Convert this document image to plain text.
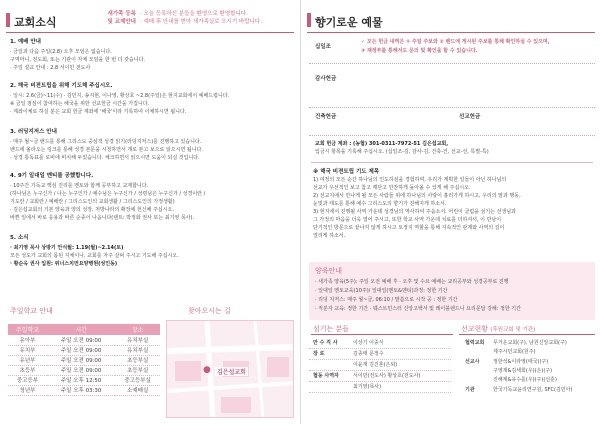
교회소식
새가족 등록
및 교제안내
· 오늘 등록하신 분들을 환영으로 환영합니다.
· 예배 후 안내를 받아 새가족실로 오시기 바랍니다.
1. 예배 안내
· 금일과 다음 주일(2.8) 오후 모임은 없습니다.
구역마니, 전도회, 또는 기관이 자체 모임을 한 번 더 갖습니다.
· 주일 설교 안내 : 2.8 서이민 전도사
2. 해국 비젼트립을 위해 기도해 주십시오.
· 일시: 2.6(금)~11(수) · 김민지, 송지현, 이나영, 황상호 ~2.8(주일)은 현지교회에서 예배드립니다.
※ 금일 점심이 참여하는 해국을 위한 선교헌금 시간을 가집니다.
· 계좌이체로 하실 분은 교회 헌금 계좌에 '해국'이라 기록하여 이체하시면 됩니다.
3. 러딩지저스 안내
· 매주 월~금 밴드를 통해 그리스도 중심적 성경 읽기(러딩지저스)를 진행하고 있습니다.
밴드에 올라오는 링크를 통해 성경 본문을 시청하면서 개로 본고 보으로 읽으시면 됩니다.
· 성경 통독표를 로비에 비치해 두었습니다. 체크하면서 읽으시면 도움이 되실 것입니다.
4. 9기 일대일 멘티를 공했합니다.
· 10주간 기독교 핵심 진리를 멘토와 함께 공부하고 교제합니다.
(하나님은 누구신가 / 나는 누구인가 / 예수님은 누구신가 / 성령님은 누구신가 / 성경이란 /
기도란 / 교회란 / 예배란 / 그리스도인의 교회생활 / 그리스도인의 가정생활)
· 김은섭교회의 기본 양육과 양의 성장, 처방나라의 확장에 헌신해 주십시오.
바쁜 일에서 바로 응용과 바른 순종이 나옵니다(랜트: 박정화 권사 또는 최기영 목사).
5. 소식
· 최기영 목사 상방기 안식월: 1.19(월)~2.14(토)
모든 성도가 교회의 몸된 지체이나, 교회를 자주 살펴 주시고 기도해 주십시오.
· 황순옥 권사 입원: 위너스치먼요양병원(성인동)
주일학교 안내	찾아오시는 길
주일학교	시간	장소
유아부	주일 오전 09:00	유치부실
유치부	주일 오전 09:00	유치부실
유년부	주일 오전 09:00	초등부실
초등부	주일 오전 09:00	초등부실
중고등부	주일 오후 12:50	중고등부실
청년부	주일 오후 03:30	소예배실
●	김은섭교회
향기로운 예물
십일조
✓ 모든 헌금 내역은 ① 주일 주보와 ② 밴드에 게시된 주보를 통해 확인하실 수 있으며,
③ 재정부를 통해서도 문의 및 확인을 할 수 있습니다.
감사헌금
건축헌금	선교헌금
교회 헌금 계좌 : (농협) 301-0311-7972-51 김은섭교회,
입금시 항목을 기록해 주십시오. (십일조-김, 감사-김, 건축-건, 선교-선, 특별-특)
※ 해국 비젼트립 기도 제목
1) 여정의 모든 순간 하나님의 인도하심을 경험하며, 우리가 계획한 일들이 아닌 하나님의
선교가 우선적인 보고 참고 깨닫고 만찬하게 돌아올 수 있게 해 주십시오.
2) 선교지에서 만나게 될 모든 사람들 위에 하나님의 사랑이 흘러가게 하시고, 우리의 말과 행동,
눈빛과 태도를 통해 예수 그리스도의 향기가 전해지게 하소서.
3) 현지에서 진행될 사역 가운데 성경님의 역사하여 주옵소서. 어린이 클럽을 섬기는 선생님과
그 가정의 마음을 더욱 열어 주시고, 또한 학교 사역 가운데 치료를 더하셔서, 이 만남이
단기적인 방문으로 끝나지 않게 하시고 토정지 역할을 통해 지속적인 관계와 사역의 길이
열리게 하소서.
양육안내
· 새가족 양육(5주): 주일 오전 예배 후 · 오후 및 수요 예배는 교리공부와 성경공부로 진행
· 일대일 멘토교육(10주)/ 일대일(멘토&멘티)과정: 정한 기간
· 리딩 지저스: 매주 월~금, 06:10 / 말씀으로 시작 공 : 정한 기간
· 직분자 교육: 정한 기간 · 웨스트민스터 신앙고백서 및 레이블렌드니 요리문답 강해: 정한 기간
섬기는 분들	선교현황 (후원교회 및 기관)
만 수 직 사	이상기 이종식
장 로	김종태 문정수
이윤재 김진혼(은퇴)
협동 사역자	서이민(전도사) 황상호(전도사)
최기영(목사)
협력교회 무거운교회(구), 남원신앙교회(구)
제주시민교회(원주)
선교사	정한석&이라영(태국)(구)
구영재&김세희(우)(은)(구)
진해계&유수를(우)(구)(선훈)
기관	한국기독교윤리연구원, SFC(김민아)
